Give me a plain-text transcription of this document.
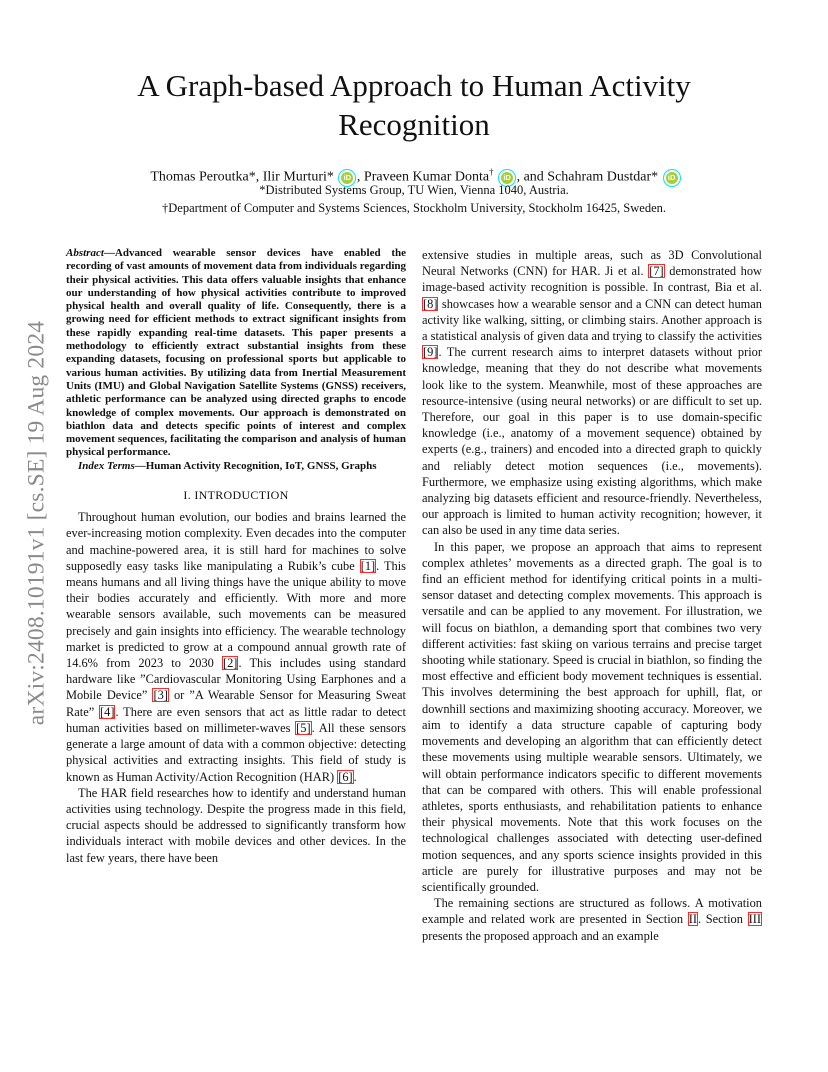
arXiv:2408.10191v1 [cs.SE] 19 Aug 2024
A Graph-based Approach to Human Activity
Recognition
Thomas Peroutka*, Ilir Murturi* iD , Praveen Kumar Donta† iD , and Schahram Dustdar* iD
*Distributed Systems Group, TU Wien, Vienna 1040, Austria.
†Department of Computer and Systems Sciences, Stockholm University, Stockholm 16425, Sweden.

Abstract—Advanced wearable sensor devices have enabled the recording of vast amounts of movement data from individuals regarding their physical activities. This data offers valuable insights that enhance our understanding of how physical activities contribute to improved physical health and overall quality of life. Consequently, there is a growing need for efficient methods to extract significant insights from these rapidly expanding real-time datasets. This paper presents a methodology to efficiently extract substantial insights from these expanding datasets, focusing on professional sports but applicable to various human activities. By utilizing data from Inertial Measurement Units (IMU) and Global Navigation Satellite Systems (GNSS) receivers, athletic performance can be analyzed using directed graphs to encode knowledge of complex movements. Our approach is demonstrated on biathlon data and detects specific points of interest and complex movement sequences, facilitating the comparison and analysis of human physical performance.

Index Terms—Human Activity Recognition, IoT, GNSS, Graphs

I. INTRODUCTION

Throughout human evolution, our bodies and brains learned the ever-increasing motion complexity. Even decades into the computer and machine-powered area, it is still hard for machines to solve supposedly easy tasks like manipulating a Rubik’s cube [1]. This means humans and all living things have the unique ability to move their bodies accurately and efficiently. With more and more wearable sensors available, such movements can be measured precisely and gain insights into efficiency. The wearable technology market is predicted to grow at a compound annual growth rate of 14.6% from 2023 to 2030 [2]. This includes using standard hardware like ”Cardiovascular Monitoring Using Earphones and a Mobile Device” [3] or ”A Wearable Sensor for Measuring Sweat Rate” [4]. There are even sensors that act as little radar to detect human activities based on millimeter-waves [5]. All these sensors generate a large amount of data with a common objective: detecting physical activities and extracting insights. This field of study is known as Human Activity/Action Recognition (HAR) [6].

The HAR field researches how to identify and understand human activities using technology. Despite the progress made in this field, crucial aspects should be addressed to significantly transform how individuals interact with mobile devices and other devices. In the last few years, there have been

extensive studies in multiple areas, such as 3D Convolutional Neural Networks (CNN) for HAR. Ji et al. [7] demonstrated how image-based activity recognition is possible. In contrast, Bia et al. [8] showcases how a wearable sensor and a CNN can detect human activity like walking, sitting, or climbing stairs. Another approach is a statistical analysis of given data and trying to classify the activities [9]. The current research aims to interpret datasets without prior knowledge, meaning that they do not describe what movements look like to the system. Meanwhile, most of these approaches are resource-intensive (using neural networks) or are difficult to set up. Therefore, our goal in this paper is to use domain-specific knowledge (i.e., anatomy of a movement sequence) obtained by experts (e.g., trainers) and encoded into a directed graph to quickly and reliably detect motion sequences (i.e., movements). Furthermore, we emphasize using existing algorithms, which make analyzing big datasets efficient and resource-friendly. Nevertheless, our approach is limited to human activity recognition; however, it can also be used in any time data series.

In this paper, we propose an approach that aims to represent complex athletes’ movements as a directed graph. The goal is to find an efficient method for identifying critical points in a multi-sensor dataset and detecting complex movements. This approach is versatile and can be applied to any movement. For illustration, we will focus on biathlon, a demanding sport that combines two very different activities: fast skiing on various terrains and precise target shooting while stationary. Speed is crucial in biathlon, so finding the most effective and efficient body movement techniques is essential. This involves determining the best approach for uphill, flat, or downhill sections and maximizing shooting accuracy. Moreover, we aim to identify a data structure capable of capturing body movements and developing an algorithm that can efficiently detect these movements using multiple wearable sensors. Ultimately, we will obtain performance indicators specific to different movements that can be compared with others. This will enable professional athletes, sports enthusiasts, and rehabilitation patients to enhance their physical movements. Note that this work focuses on the technological challenges associated with detecting user-defined motion sequences, and any sports science insights provided in this article are purely for illustrative purposes and may not be scientifically grounded.

The remaining sections are structured as follows. A motivation example and related work are presented in Section II. Section III presents the proposed approach and an example
